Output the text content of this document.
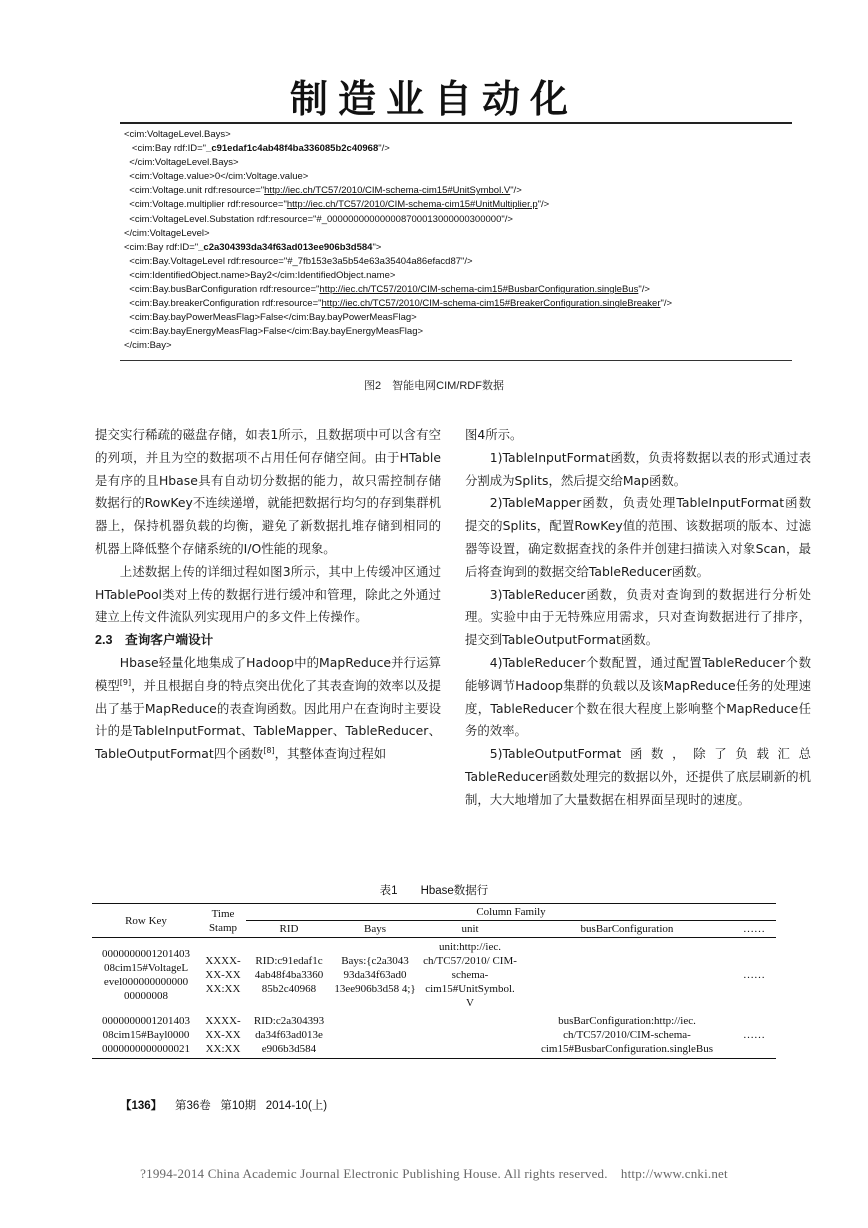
制造业自动化
<cim:VoltageLevel.Bays>
<cim:Bay rdf:ID="_c91edaf1c4ab48f4ba336085b2c40968"/>
</cim:VoltageLevel.Bays>
<cim:Voltage.value>0</cim:Voltage.value>
<cim:Voltage.unit rdf:resource="http://iec.ch/TC57/2010/CIM-schema-cim15#UnitSymbol.V"/>
<cim:Voltage.multiplier rdf:resource="http://iec.ch/TC57/2010/CIM-schema-cim15#UnitMultiplier.p"/>
<cim:VoltageLevel.Substation rdf:resource="#_000000000000008700013000000300000"/>
</cim:VoltageLevel>
<cim:Bay rdf:ID="_c2a304393da34f63ad013ee906b3d584">
<cim:Bay.VoltageLevel rdf:resource="#_7fb153e3a5b54e63a35404a86efacd87"/>
<cim:IdentifiedObject.name>Bay2</cim:IdentifiedObject.name>
<cim:Bay.busBarConfiguration rdf:resource="http://iec.ch/TC57/2010/CIM-schema-cim15#BusbarConfiguration.singleBus"/>
<cim:Bay.breakerConfiguration rdf:resource="http://iec.ch/TC57/2010/CIM-schema-cim15#BreakerConfiguration.singleBreaker"/>
<cim:Bay.bayPowerMeasFlag>False</cim:Bay.bayPowerMeasFlag>
<cim:Bay.bayEnergyMeasFlag>False</cim:Bay.bayEnergyMeasFlag>
</cim:Bay>
图2　智能电网CIM/RDF数据

提交实行稀疏的磁盘存储，如表1所示，且数据项中可以含有空的列项，并且为空的数据项不占用任何存储空间。由于HTable是有序的且Hbase具有自动切分数据的能力，故只需控制存储数据行的RowKey不连续递增，就能把数据行均匀的存到集群机器上，保持机器负载的均衡，避免了新数据扎堆存储到相同的机器上降低整个存储系统的I/O性能的现象。

上述数据上传的详细过程如图3所示，其中上传缓冲区通过HTablePool类对上传的数据行进行缓冲和管理，除此之外通过建立上传文件流队列实现用户的多文件上传操作。

2.3　查询客户端设计

Hbase轻量化地集成了Hadoop中的MapReduce并行运算模型[9]，并且根据自身的特点突出优化了其表查询的效率以及提出了基于MapReduce的表查询函数。因此用户在查询时主要设计的是TableInputFormat、TableMapper、TableReducer、TableOutputFormat四个函数[8]，其整体查询过程如

图4所示。

1)TableInputFormat函数，负责将数据以表的形式通过表分割成为Splits，然后提交给Map函数。

2)TableMapper函数，负责处理TableInputFormat函数提交的Splits，配置RowKey值的范围、该数据项的版本、过滤器等设置，确定数据查找的条件并创建扫描读入对象Scan，最后将查询到的数据交给TableReducer函数。

3)TableReducer函数，负责对查询到的数据进行分析处理。实验中由于无特殊应用需求，只对查询数据进行了排序，提交到TableOutputFormat函数。

4)TableReducer个数配置，通过配置TableReducer个数能够调节Hadoop集群的负载以及该MapReduce任务的处理速度，TableReducer个数在很大程度上影响整个MapReduce任务的效率。

5)TableOutputFormat函数，除了负载汇总TableReducer函数处理完的数据以外，还提供了底层刷新的机制，大大地增加了大量数据在相界面呈现时的速度。

表1　　Hbase数据行
Row Key	Time Stamp	Column Family				
		RID	Bays	unit	busBarConfiguration	……
0000000001201403 08cim15#VoltageL evel000000000000 00000008	XXXX- XX-XX XX:XX	RID:c91edaf1c 4ab48f4ba3360 85b2c40968	Bays:{c2a3043 93da34f63ad0 13ee906b3d58 4;}	unit:http://iec. ch/TC57/2010/ CIM-schema- cim15#UnitSymbol. V		……
0000000001201403 08cim15#Bayl0000 0000000000000021	XXXX- XX-XX XX:XX	RID:c2a304393 da34f63ad013e e906b3d584			busBarConfiguration:http://iec. ch/TC57/2010/CIM-schema- cim15#BusbarConfiguration.singleBus	……
【136】 第36卷 第10期 2014-10(上)
?1994-2014 China Academic Journal Electronic Publishing House. All rights reserved.　http://www.cnki.net
